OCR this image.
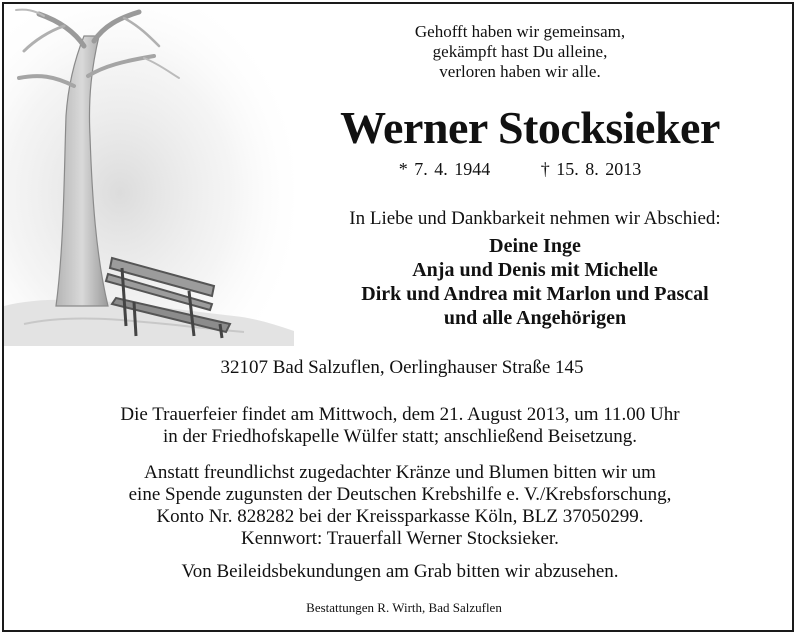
Gehofft haben wir gemeinsam,
gekämpft hast Du alleine,
verloren haben wir alle.
Werner Stocksieker
* 7. 4. 1944	† 15. 8. 2013
In Liebe und Dankbarkeit nehmen wir Abschied:
Deine Inge
Anja und Denis mit Michelle
Dirk und Andrea mit Marlon und Pascal
und alle Angehörigen
32107 Bad Salzuflen, Oerlinghauser Straße 145
Die Trauerfeier findet am Mittwoch, dem 21. August 2013, um 11.00 Uhr
in der Friedhofskapelle Wülfer statt; anschließend Beisetzung.
Anstatt freundlichst zugedachter Kränze und Blumen bitten wir um
eine Spende zugunsten der Deutschen Krebshilfe e. V./Krebsforschung,
Konto Nr. 828282 bei der Kreissparkasse Köln, BLZ 37050299.
Kennwort: Trauerfall Werner Stocksieker.
Von Beileidsbekundungen am Grab bitten wir abzusehen.
Bestattungen R. Wirth, Bad Salzuflen
